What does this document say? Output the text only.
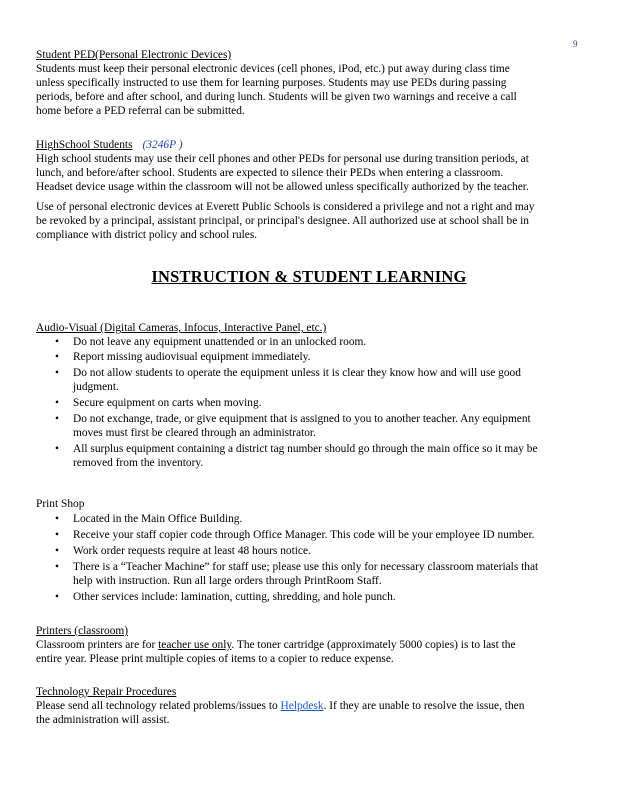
9
Student PED(Personal Electronic Devices)
Students must keep their personal electronic devices (cell phones, iPod, etc.) put away during class time
unless specifically instructed to use them for learning purposes. Students may use PEDs during passing
periods, before and after school, and during lunch. Students will be given two warnings and receive a call
home before a PED referral can be submitted.
HighSchool Students (3246P )
High school students may use their cell phones and other PEDs for personal use during transition periods, at
lunch, and before/after school. Students are expected to silence their PEDs when entering a classroom.
Headset device usage within the classroom will not be allowed unless specifically authorized by the teacher.
Use of personal electronic devices at Everett Public Schools is considered a privilege and not a right and may
be revoked by a principal, assistant principal, or principal's designee. All authorized use at school shall be in
compliance with district policy and school rules.
INSTRUCTION & STUDENT LEARNING
Audio-Visual (Digital Cameras, Infocus, Interactive Panel, etc.)
• Do not leave any equipment unattended or in an unlocked room.
• Report missing audiovisual equipment immediately.
• Do not allow students to operate the equipment unless it is clear they know how and will use good
judgment.
• Secure equipment on carts when moving.
• Do not exchange, trade, or give equipment that is assigned to you to another teacher. Any equipment
moves must first be cleared through an administrator.
• All surplus equipment containing a district tag number should go through the main office so it may be
removed from the inventory.
Print Shop
• Located in the Main Office Building.
• Receive your staff copier code through Office Manager. This code will be your employee ID number.
• Work order requests require at least 48 hours notice.
• There is a “Teacher Machine” for staff use; please use this only for necessary classroom materials that
help with instruction. Run all large orders through PrintRoom Staff.
• Other services include: lamination, cutting, shredding, and hole punch.
Printers (classroom)
Classroom printers are for teacher use only. The toner cartridge (approximately 5000 copies) is to last the
entire year. Please print multiple copies of items to a copier to reduce expense.
Technology Repair Procedures
Please send all technology related problems/issues to Helpdesk. If they are unable to resolve the issue, then
the administration will assist.
